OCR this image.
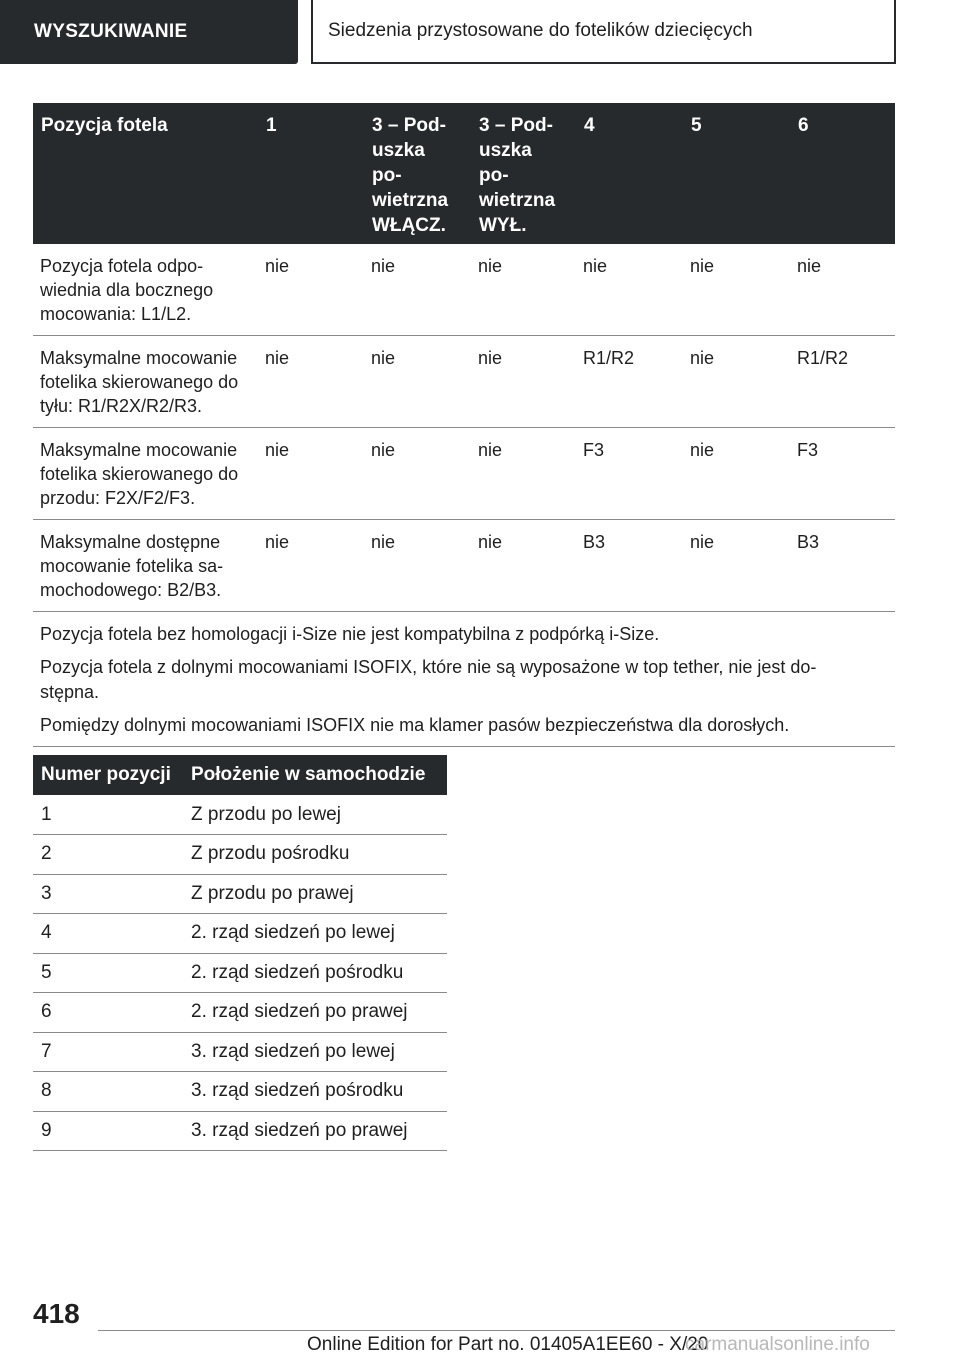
WYSZUKIWANIE	Siedzenia przystosowane do fotelików dziecięcych
Pozycja fotela	1	3 – Pod-
uszka
po-
wietrzna
WŁĄCZ.	3 – Pod-
uszka
po-
wietrzna
WYŁ.	4	5	6
Pozycja fotela odpo-
wiednia dla bocznego
mocowania: L1/L2.	nie	nie	nie	nie	nie	nie
Maksymalne mocowanie
fotelika skierowanego do
tyłu: R1/R2X/R2/R3.	nie	nie	nie	R1/R2	nie	R1/R2
Maksymalne mocowanie
fotelika skierowanego do
przodu: F2X/F2/F3.	nie	nie	nie	F3	nie	F3
Maksymalne dostępne
mocowanie fotelika sa-
mochodowego: B2/B3.	nie	nie	nie	B3	nie	B3

Pozycja fotela bez homologacji i-Size nie jest kompatybilna z podpórką i-Size.

Pozycja fotela z dolnymi mocowaniami ISOFIX, które nie są wyposażone w top tether, nie jest do-
stępna.

Pomiędzy dolnymi mocowaniami ISOFIX nie ma klamer pasów bezpieczeństwa dla dorosłych.						

Numer pozycji	Położenie w samochodzie
1	Z przodu po lewej
2	Z przodu pośrodku
3	Z przodu po prawej
4	2. rząd siedzeń po lewej
5	2. rząd siedzeń pośrodku
6	2. rząd siedzeń po prawej
7	3. rząd siedzeń po lewej
8	3. rząd siedzeń pośrodku
9	3. rząd siedzeń po prawej
418
Online Edition for Part no. 01405A1EE60 - X/20
carmanualsonline.info
